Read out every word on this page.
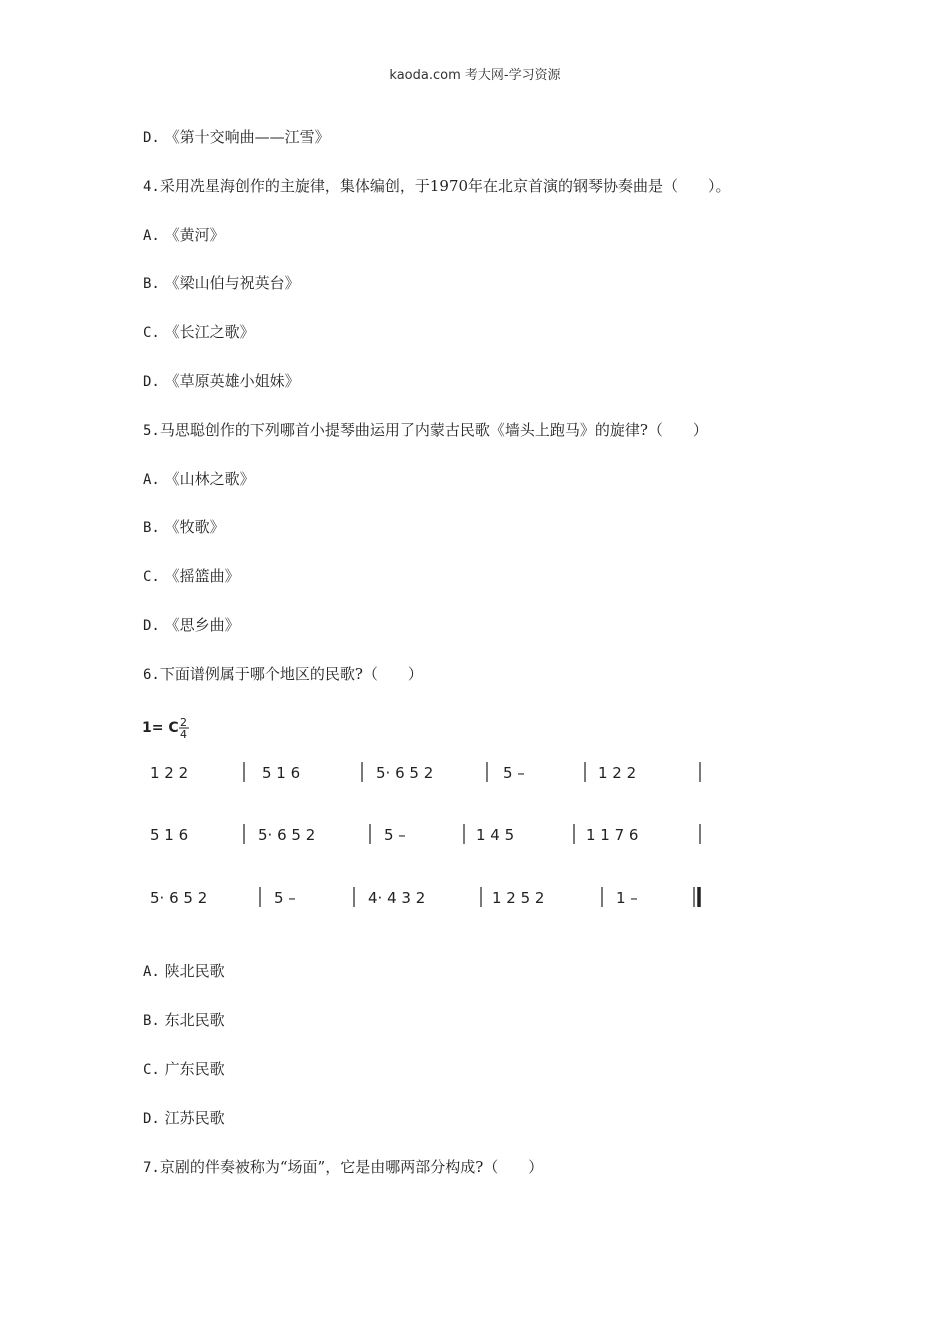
kaoda.com 考大网-学习资源
D. 《第十交响曲——江雪》
4.采用冼星海创作的主旋律，集体编创，于1970年在北京首演的钢琴协奏曲是（　　）。
A. 《黄河》
B. 《梁山伯与祝英台》
C. 《长江之歌》
D. 《草原英雄小姐妹》
5.马思聪创作的下列哪首小提琴曲运用了内蒙古民歌《墙头上跑马》的旋律?（　　）
A. 《山林之歌》
B. 《牧歌》
C. 《摇篮曲》
D. 《思乡曲》
6.下面谱例属于哪个地区的民歌?（　　）
1= C 2
4
1 2 2	5 1 6	5· 6 5 2	5 –	1 2 2
5 1 6	5· 6 5 2	5 –	1 4 5	1 1 7 6
5· 6 5 2	5 –	4· 4 3 2	1 2 5 2	1 –
A. 陕北民歌
B. 东北民歌
C. 广东民歌
D. 江苏民歌
7.京剧的伴奏被称为“场面”，它是由哪两部分构成?（　　）
